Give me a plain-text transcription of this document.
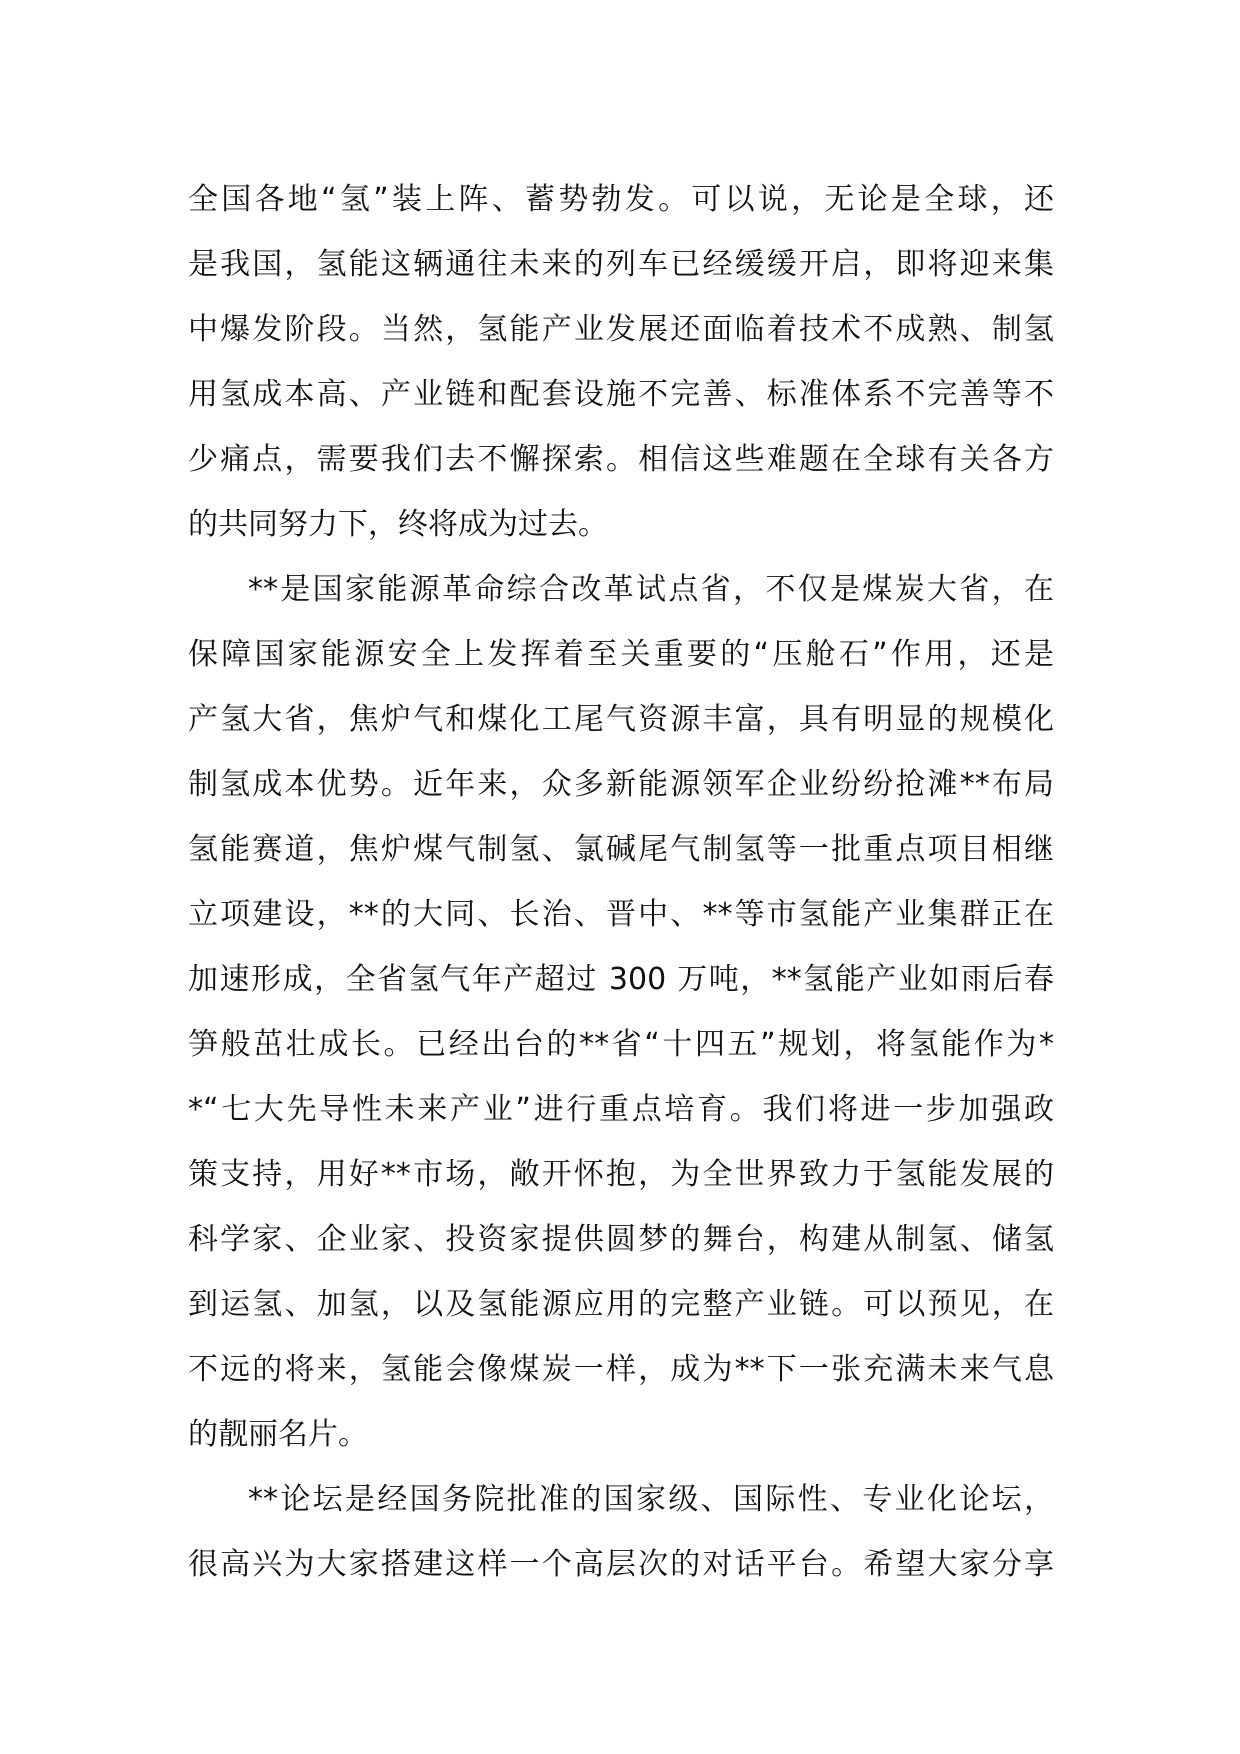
全国各地“氢”装上阵、蓄势勃发。可以说，无论是全球，还
是我国，氢能这辆通往未来的列车已经缓缓开启，即将迎来集
中爆发阶段。当然，氢能产业发展还面临着技术不成熟、制氢
用氢成本高、产业链和配套设施不完善、标准体系不完善等不
少痛点，需要我们去不懈探索。相信这些难题在全球有关各方
的共同努力下，终将成为过去。
**是国家能源革命综合改革试点省，不仅是煤炭大省，在
保障国家能源安全上发挥着至关重要的“压舱石”作用，还是
产氢大省，焦炉气和煤化工尾气资源丰富，具有明显的规模化
制氢成本优势。近年来，众多新能源领军企业纷纷抢滩**布局
氢能赛道，焦炉煤气制氢、氯碱尾气制氢等一批重点项目相继
立项建设，**的大同、长治、晋中、**等市氢能产业集群正在
加速形成，全省氢气年产超过 300 万吨，**氢能产业如雨后春
笋般茁壮成长。已经出台的**省“十四五”规划，将氢能作为*
*“七大先导性未来产业”进行重点培育。我们将进一步加强政
策支持，用好**市场，敞开怀抱，为全世界致力于氢能发展的
科学家、企业家、投资家提供圆梦的舞台，构建从制氢、储氢
到运氢、加氢，以及氢能源应用的完整产业链。可以预见，在
不远的将来，氢能会像煤炭一样，成为**下一张充满未来气息
的靓丽名片。
**论坛是经国务院批准的国家级、国际性、专业化论坛，
很高兴为大家搭建这样一个高层次的对话平台。希望大家分享
